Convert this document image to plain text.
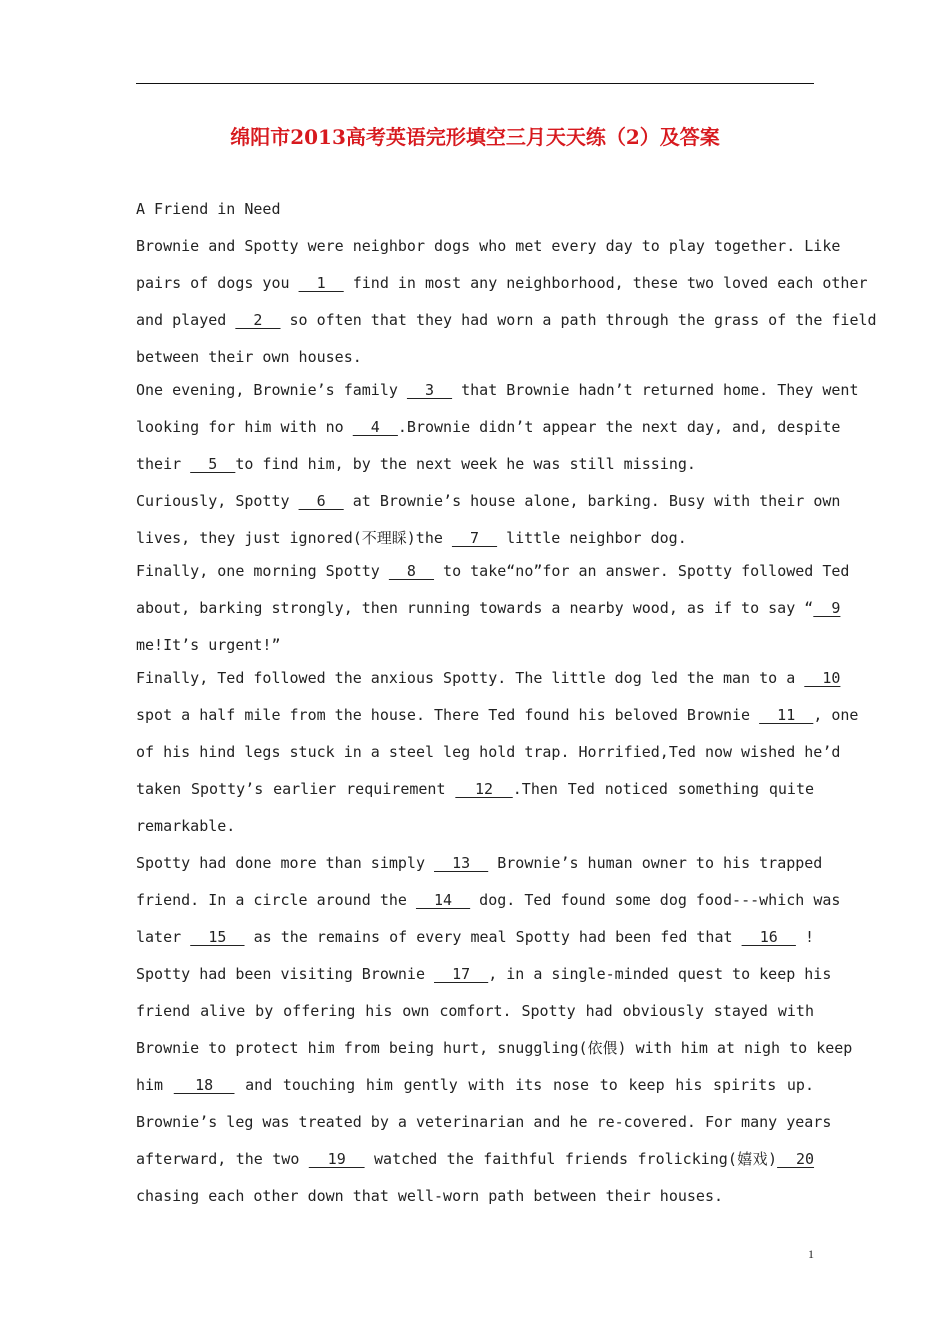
绵阳市2013高考英语完形填空三月天天练（2）及答案
A Friend in Need
Brownie and Spotty were neighbor dogs who met every day to play together. Like
pairs of dogs you   1   find in most any neighborhood, these two loved each other
and played   2   so often that they had worn a path through the grass of the field
between their own houses.
One evening, Brownie’s family   3   that Brownie hadn’t returned home. They went
looking for him with no   4  .Brownie didn’t appear the next day, and, despite
their   5  to find him, by the next week he was still missing.
Curiously, Spotty   6   at Brownie’s house alone, barking. Busy with their own
lives, they just ignored(不理睬)the   7   little neighbor dog.
Finally, one morning Spotty   8   to take“no”for an answer. Spotty followed Ted
about, barking strongly, then running towards a nearby wood, as if to say “  9
me!It’s urgent!”
Finally, Ted followed the anxious Spotty. The little dog led the man to a   10
spot a half mile from the house. There Ted found his beloved Brownie   11  , one
of his hind legs stuck in a steel leg hold trap. Horrified,Ted now wished he’d
taken Spotty’s earlier requirement   12  .Then Ted noticed something quite
remarkable.
Spotty had done more than simply   13   Brownie’s human owner to his trapped
friend. In a circle around the   14   dog. Ted found some dog food---which was
later   15   as the remains of every meal Spotty had been fed that   16   !
Spotty had been visiting Brownie   17  , in a single-minded quest to keep his
friend alive by offering his own comfort. Spotty had obviously stayed with
Brownie to protect him from being hurt, snuggling(依偎) with him at nigh to keep
him   18   and touching him gently with its nose to keep his spirits up.
Brownie’s leg was treated by a veterinarian and he re-covered. For many years
afterward, the two   19   watched the faithful friends frolicking(嬉戏)  20
chasing each other down that well-worn path between their houses.
1
